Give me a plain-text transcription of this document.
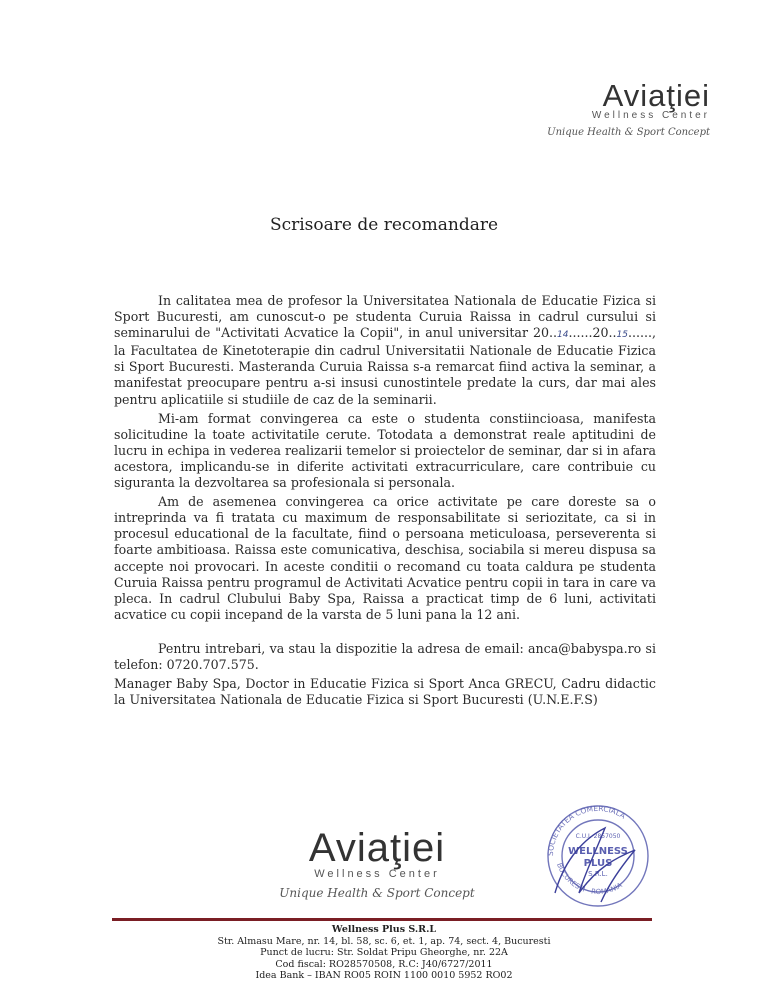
Aviaţiei
Wellness Center
Unique Health & Sport Concept
Scrisoare de recomandare

In calitatea mea de profesor la Universitatea Nationala de Educatie Fizica si Sport Bucuresti, am cunoscut-o pe studenta Curuia Raissa in cadrul cursului si seminarului de "Activitati Acvatice la Copii", in anul universitar 20..14......20..15......, la Facultatea de Kinetoterapie din cadrul Universitatii Nationale de Educatie Fizica si Sport Bucuresti. Masteranda Curuia Raissa s-a remarcat fiind activa la seminar, a manifestat preocupare pentru a-si insusi cunostintele predate la curs, dar mai ales pentru aplicatiile si studiile de caz de la seminarii.

Mi-am format convingerea ca este o studenta constiincioasa, manifesta solicitudine la toate activitatile cerute. Totodata a demonstrat reale aptitudini de lucru in echipa in vederea realizarii temelor si proiectelor de seminar, dar si in afara acestora, implicandu-se in diferite activitati extracurriculare, care contribuie cu siguranta la dezvoltarea sa profesionala si personala.

Am de asemenea convingerea ca orice activitate pe care doreste sa o intreprinda va fi tratata cu maximum de responsabilitate si seriozitate, ca si in procesul educational de la facultate, fiind o persoana meticuloasa, perseverenta si foarte ambitioasa. Raissa este comunicativa, deschisa, sociabila si mereu dispusa sa accepte noi provocari. In aceste conditii o recomand cu toata caldura pe studenta Curuia Raissa pentru programul de Activitati Acvatice pentru copii in tara in care va pleca. In cadrul Clubului Baby Spa, Raissa a practicat timp de 6 luni, activitati acvatice cu copii incepand de la varsta de 5 luni pana la 12 ani.

Pentru intrebari, va stau la dispozitie la adresa de email: anca@babyspa.ro si telefon: 0720.707.575.

Manager Baby Spa, Doctor in Educatie Fizica si Sport Anca GRECU, Cadru didactic la Universitatea Nationala de Educatie Fizica si Sport Bucuresti (U.N.E.F.S)

SOCIETATEA COMERCIALA
BUCURESTI - ROMANIA
C.U.I. 2857050
WELLNESS
PLUS
S.R.L.
Aviaţiei
Wellness Center
Unique Health & Sport Concept
Wellness Plus S.R.L
Str. Almasu Mare, nr. 14, bl. 58, sc. 6, et. 1, ap. 74, sect. 4, Bucuresti
Punct de lucru: Str. Soldat Pripu Gheorghe, nr. 22A
Cod fiscal: RO28570508, R.C: J40/6727/2011
Idea Bank – IBAN RO05 ROIN 1100 0010 5952 RO02
